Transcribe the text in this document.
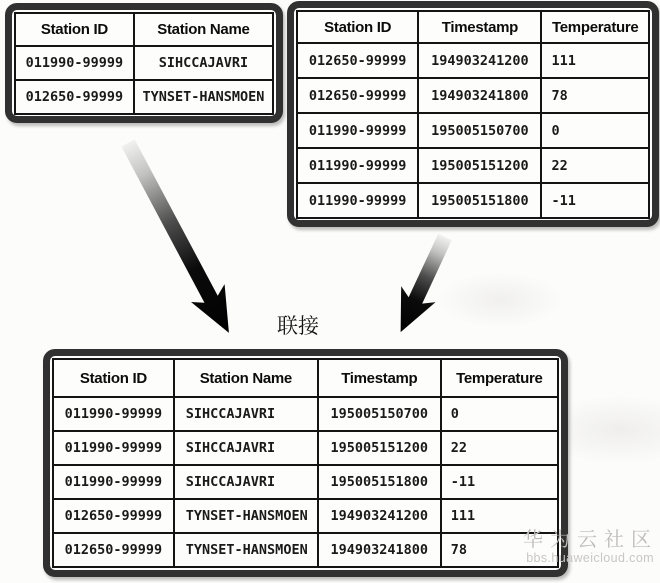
Station ID	Station Name
011990-99999	SIHCCAJAVRI
012650-99999	TYNSET-HANSMOEN
Station ID	Timestamp	Temperature
012650-99999	194903241200	111
012650-99999	194903241800	78
011990-99999	195005150700	0
011990-99999	195005151200	22
011990-99999	195005151800	-11
联接
Station ID	Station Name	Timestamp	Temperature
011990-99999	SIHCCAJAVRI	195005150700	0
011990-99999	SIHCCAJAVRI	195005151200	22
011990-99999	SIHCCAJAVRI	195005151800	-11
012650-99999	TYNSET-HANSMOEN	194903241200	111
012650-99999	TYNSET-HANSMOEN	194903241800	78	华为云社区
bbs.huaweicloud.com
